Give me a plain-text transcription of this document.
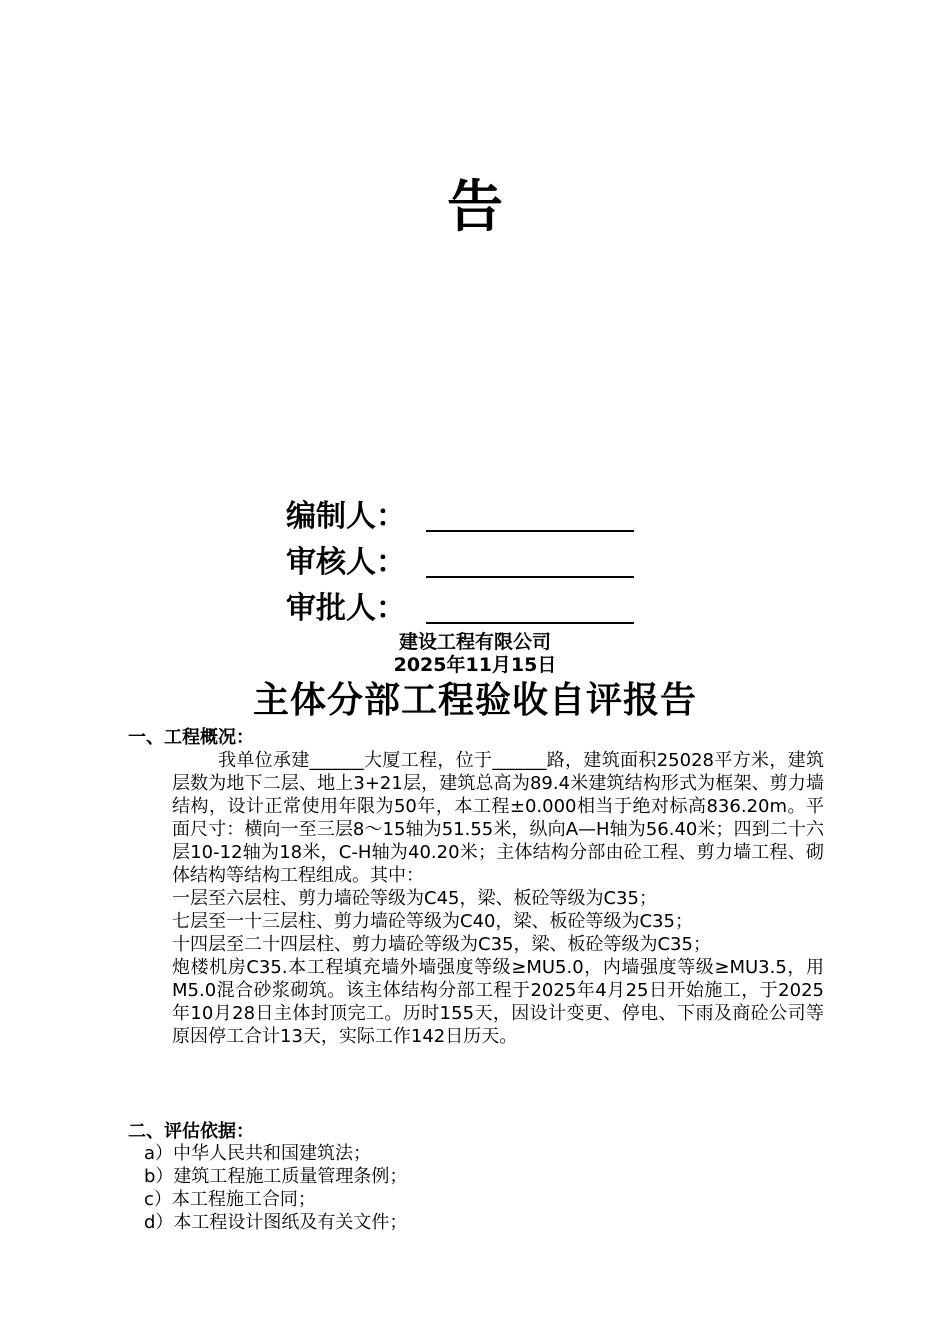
告
编制人：
审核人：
审批人：
建设工程有限公司
2025年11月15日
主体分部工程验收自评报告
一、工程概况：

我单位承建______大厦工程，位于______路，建筑面积25028平方米，建筑层数为地下二层、地上3+21层，建筑总高为89.4米建筑结构形式为框架、剪力墙结构，设计正常使用年限为50年，本工程±0.000相当于绝对标高836.20m。平面尺寸：横向一至三层8～15轴为51.55米，纵向A—H轴为56.40米；四到二十六层10-12轴为18米，C-H轴为40.20米；主体结构分部由砼工程、剪力墙工程、砌体结构等结构工程组成。其中：

一层至六层柱、剪力墙砼等级为C45，梁、板砼等级为C35；

七层至一十三层柱、剪力墙砼等级为C40，梁、板砼等级为C35；

十四层至二十四层柱、剪力墙砼等级为C35，梁、板砼等级为C35；

炮楼机房C35.本工程填充墙外墙强度等级≥MU5.0，内墙强度等级≥MU3.5，用M5.0混合砂浆砌筑。该主体结构分部工程于2025年4月25日开始施工，于2025年10月28日主体封顶完工。历时155天，因设计变更、停电、下雨及商砼公司等原因停工合计13天，实际工作142日历天。

二、评估依据：

a）中华人民共和国建筑法；

b）建筑工程施工质量管理条例；

c）本工程施工合同；

d）本工程设计图纸及有关文件；
